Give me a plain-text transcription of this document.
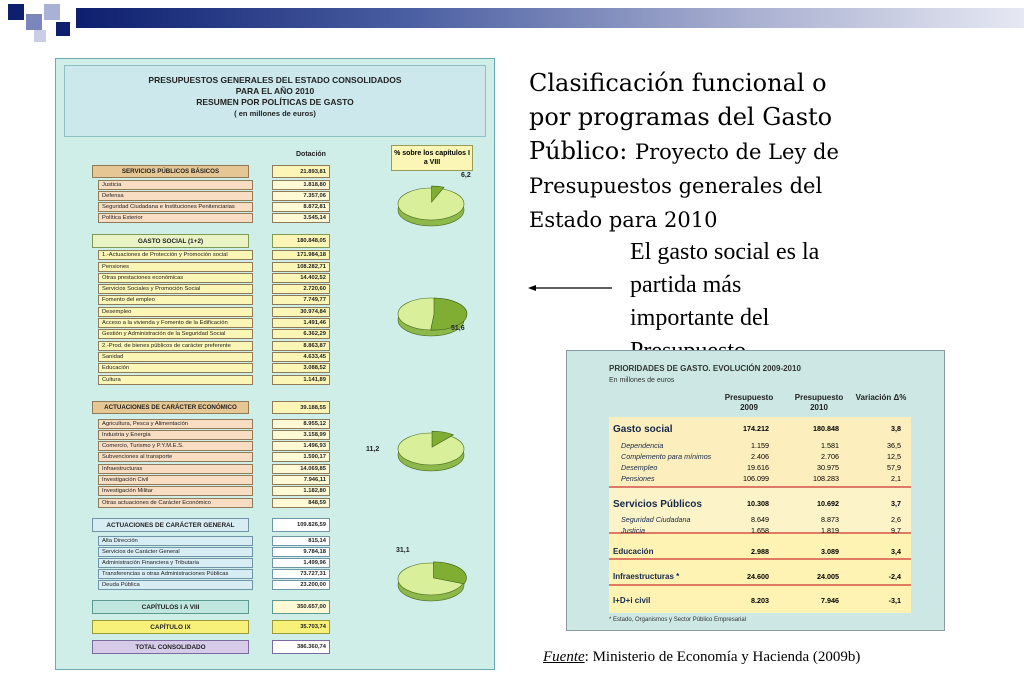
PRESUPUESTOS GENERALES DEL ESTADO CONSOLIDADOS
PARA EL AÑO 2010
RESUMEN POR POLÍTICAS DE GASTO
( en millones de euros)
Dotación	% sobre los capítulos I a VIII
SERVICIOS PÚBLICOS BÁSICOS	21.893,81
Justicia	1.818,80
Defensa	7.357,06
Seguridad Ciudadana e Instituciones Penitenciarias	8.872,81
Política Exterior	3.545,14
GASTO SOCIAL (1+2)	180.848,05
1.-Actuaciones de Protección y Promoción social	171.984,18
Pensiones	108.282,71
Otras prestaciones económicas	14.402,52
Servicios Sociales y Promoción Social	2.720,60
Fomento del empleo	7.749,77
Desempleo	30.974,84
Acceso a la vivienda y Fomento de la Edificación	1.491,46
Gestión y Administración de la Seguridad Social	6.362,29
2.-Prod. de bienes públicos de carácter preferente	8.863,87
Sanidad	4.633,45
Educación	3.088,52
Cultura	1.141,89
ACTUACIONES DE CARÁCTER ECONÓMICO	39.188,55
Agricultura, Pesca y Alimentación	8.955,12
Industria y Energía	3.158,99
Comercio, Turismo y P.Y.M.E.S.	1.496,93
Subvenciones al transporte	1.590,17
Infraestructuras	14.069,85
Investigación Civil	7.946,11
Investigación Militar	1.182,80
Otras actuaciones de Carácter Económico	848,59
ACTUACIONES DE CARÁCTER GENERAL	109.826,59
Alta Dirección	815,14
Servicios de Carácter General	9.784,18
Administración Financiera y Tributaria	1.499,96
Transferencias a otras Administraciones Públicas	73.727,31
Deuda Pública	23.200,00
CAPÍTULOS I A VIII	350.657,00
CAPÍTULO IX	35.703,74
TOTAL CONSOLIDADO	386.360,74
6,2
51,6
11,2
31,1
Clasificación funcional o
por programas del Gasto
Público: Proyecto de Ley de
Presupuestos generales del
Estado para 2010
El gasto social es la
partida más
importante del
PRIORIDADES DE GASTO. EVOLUCIÓN 2009-2010
En millones de euros
Presupuesto 2009
Presupuesto 2010
Variación Δ%
Gasto social	174.212	180.848	3,8
Dependencia	1.159	1.581	36,5
Complemento para mínimos	2.406	2.706	12,5
Desempleo	19.616	30.975	57,9
Pensiones	106.099	108.283	2,1
Servicios Públicos	10.308	10.692	3,7
Seguridad Ciudadana	8.649	8.873	2,6
Justicia	1.658	1.819	9,7
Educación	2.988	3.089	3,4
Infraestructuras *	24.600	24.005	-2,4
I+D+i civil	8.203	7.946	-3,1
* Estado, Organismos y Sector Público Empresarial
Fuente: Ministerio de Economía y Hacienda (2009b)
